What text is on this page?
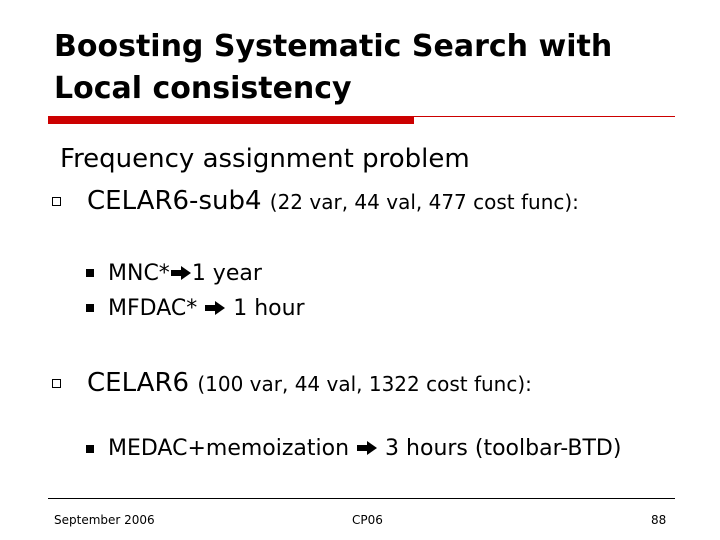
Boosting Systematic Search with
Local consistency
Frequency assignment problem
CELAR6-sub4 (22 var, 44 val, 477 cost func):
MNC* 1 year
MFDAC* 1 hour
CELAR6 (100 var, 44 val, 1322 cost func):
MEDAC+memoization 3 hours (toolbar-BTD)
September 2006	CP06	88
